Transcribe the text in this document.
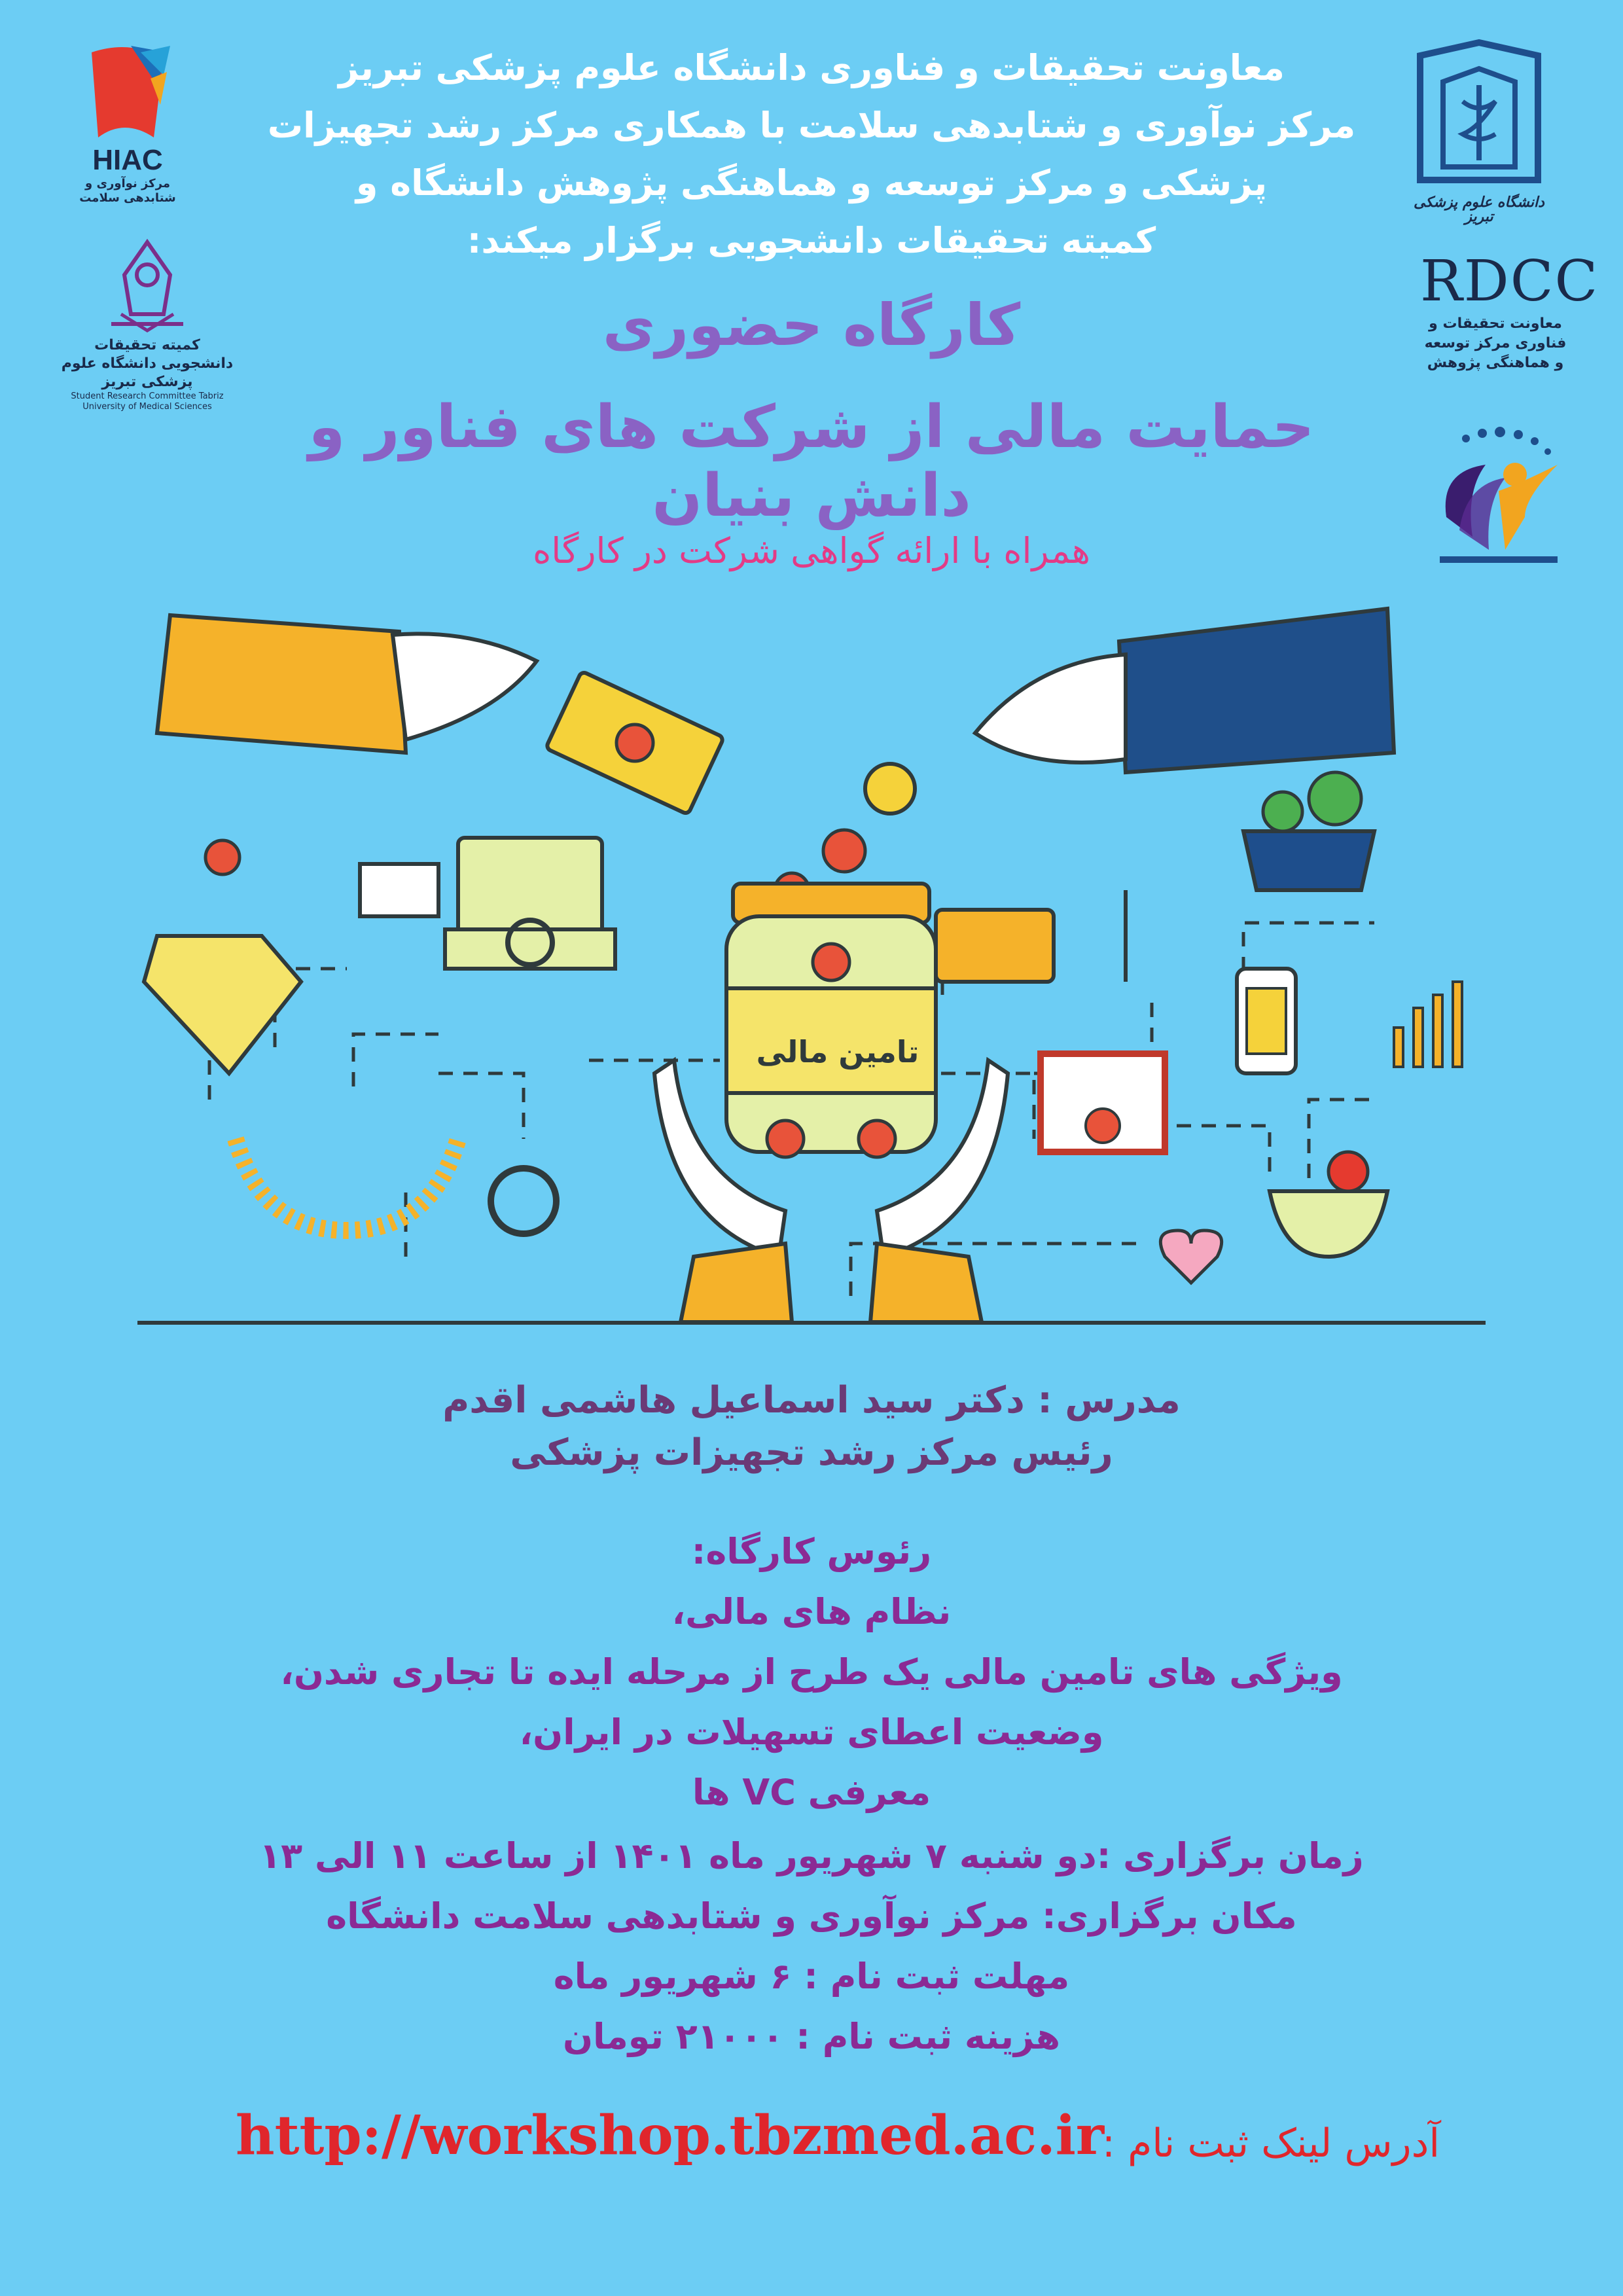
HIAC
مرکز نوآوری و شتابدهی سلامت
کمیته تحقیقات دانشجویی دانشگاه علوم پزشکی تبریز
Student Research Committee Tabriz University of Medical Sciences
دانشگاه علوم پزشکی تبریز
RDCC
معاونت تحقیقات و فناوری مرکز توسعه و هماهنگی پژوهش
معاونت تحقیقات و فناوری دانشگاه علوم پزشکی تبریز
مرکز نوآوری و شتابدهی سلامت با همکاری مرکز رشد تجهیزات
پزشکی و مرکز توسعه و هماهنگی پژوهش دانشگاه و
کمیته تحقیقات دانشجویی برگزار میکند:
کارگاه حضوری
حمایت مالی از شرکت های فناور و دانش بنیان
همراه با ارائه گواهی شرکت در کارگاه
تامین مالی
مدرس : دکتر سید اسماعیل هاشمی اقدم
رئیس مرکز رشد تجهیزات پزشکی
رئوس کارگاه:
نظام های مالی،
ویژگی های تامین مالی یک طرح از مرحله ایده تا تجاری شدن،
وضعیت اعطای تسهیلات در ایران،
معرفی VC ها
زمان برگزاری :دو شنبه ۷ شهریور ماه ۱۴۰۱ از ساعت ۱۱ الی ۱۳
مکان برگزاری: مرکز نوآوری و شتابدهی سلامت دانشگاه
مهلت ثبت نام : ۶ شهریور ماه
هزینه ثبت نام : ۲۱۰۰۰ تومان
آدرس لینک ثبت نام :
http://workshop.tbzmed.ac.ir
